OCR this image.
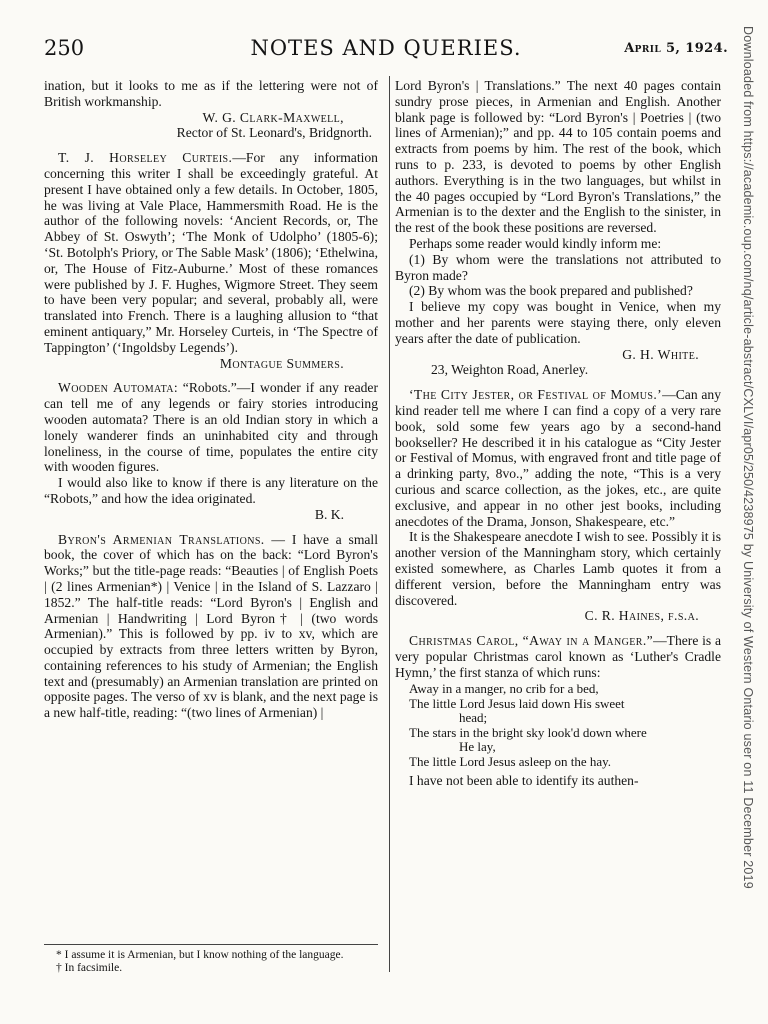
250	NOTES AND QUERIES.	April 5, 1924.

ination, but it looks to me as if the lettering were not of British workmanship.

W. G. Clark-Maxwell,

Rector of St. Leonard's, Bridgnorth.

T. J. Horseley Curteis.—For any information concerning this writer I shall be exceedingly grateful. At present I have obtained only a few details. In October, 1805, he was living at Vale Place, Hammersmith Road. He is the author of the following novels: ‘Ancient Records, or, The Abbey of St. Oswyth’; ‘The Monk of Udolpho’ (1805-6); ‘St. Botolph's Priory, or The Sable Mask’ (1806); ‘Ethelwina, or, The House of Fitz-Auburne.’ Most of these romances were published by J. F. Hughes, Wigmore Street. They seem to have been very popular; and several, probably all, were translated into French. There is a laughing allusion to “that eminent antiquary,” Mr. Horseley Curteis, in ‘The Spectre of Tappington’ (‘Ingoldsby Legends’).

Montague Summers.

Wooden Automata: “Robots.”—I wonder if any reader can tell me of any legends or fairy stories introducing wooden automata? There is an old Indian story in which a lonely wanderer finds an uninhabited city and through loneliness, in the course of time, populates the entire city with wooden figures.

I would also like to know if there is any literature on the “Robots,” and how the idea originated.

B. K.

Byron's Armenian Translations. — I have a small book, the cover of which has on the back: “Lord Byron's Works;” but the title-page reads: “Beauties | of English Poets | (2 lines Armenian*) | Venice | in the Island of S. Lazzaro | 1852.” The half-title reads: “Lord Byron's | English and Armenian | Handwriting | Lord Byron† | (two words Armenian).” This is followed by pp. iv to xv, which are occupied by extracts from three letters written by Byron, containing references to his study of Armenian; the English text and (presumably) an Armenian translation are printed on opposite pages. The verso of xv is blank, and the next page is a new half-title, reading: “(two lines of Armenian) |

* I assume it is Armenian, but I know nothing of the language.

† In facsimile.

Lord Byron's | Translations.” The next 40 pages contain sundry prose pieces, in Armenian and English. Another blank page is followed by: “Lord Byron's | Poetries | (two lines of Armenian);” and pp. 44 to 105 contain poems and extracts from poems by him. The rest of the book, which runs to p. 233, is devoted to poems by other English authors. Everything is in the two languages, but whilst in the 40 pages occupied by “Lord Byron's Translations,” the Armenian is to the dexter and the English to the sinister, in the rest of the book these positions are reversed.

Perhaps some reader would kindly inform me:

(1) By whom were the translations not attributed to Byron made?

(2) By whom was the book prepared and published?

I believe my copy was bought in Venice, when my mother and her parents were staying there, only eleven years after the date of publication.

G. H. White.

23, Weighton Road, Anerley.

‘The City Jester, or Festival of Momus.’—Can any kind reader tell me where I can find a copy of a very rare book, sold some few years ago by a second-hand bookseller? He described it in his catalogue as “City Jester or Festival of Momus, with engraved front and title page of a drinking party, 8vo.,” adding the note, “This is a very curious and scarce collection, as the jokes, etc., are quite exclusive, and appear in no other jest books, including anecdotes of the Drama, Jonson, Shakespeare, etc.”

It is the Shakespeare anecdote I wish to see. Possibly it is another version of the Manningham story, which certainly existed somewhere, as Charles Lamb quotes it from a different version, before the Manningham entry was discovered.

C. R. Haines, f.s.a.

Christmas Carol, “Away in a Manger.”—There is a very popular Christmas carol known as ‘Luther's Cradle Hymn,’ the first stanza of which runs:

Away in a manger, no crib for a bed,
The little Lord Jesus laid down His sweet
head;
The stars in the bright sky look'd down where
He lay,
The little Lord Jesus asleep on the hay.

I have not been able to identify its authen-	Downloaded from https://academic.oup.com/nq/article-abstract/CXLVI/apr05/250/4238975 by University of Western Ontario user on 11 December 2019
